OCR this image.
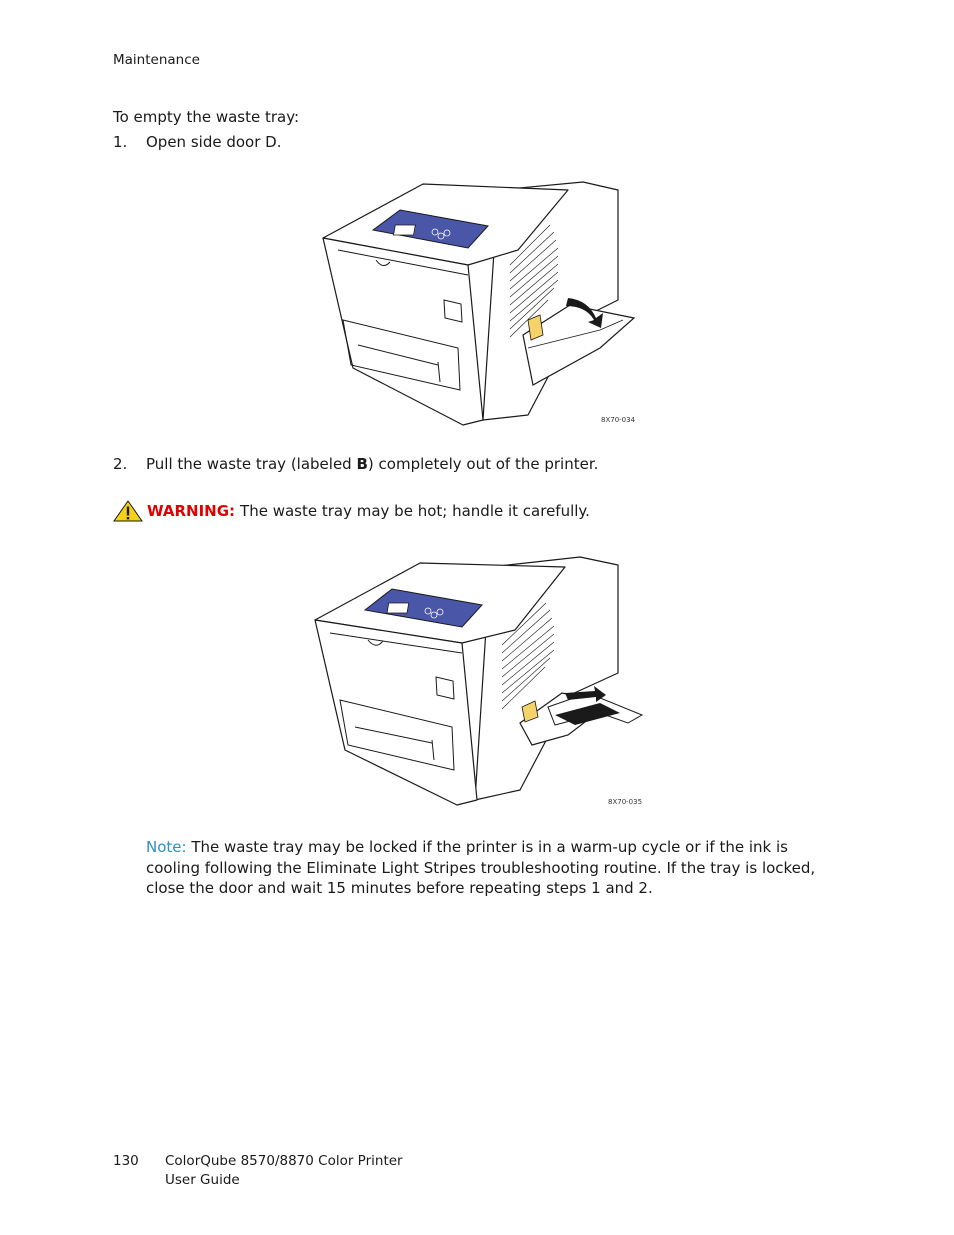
Maintenance
To empty the waste tray:
1. Open side door D.
8X70-034
2. Pull the waste tray (labeled B) completely out of the printer.
WARNING: The waste tray may be hot; handle it carefully.
8X70-035
Note: The waste tray may be locked if the printer is in a warm-up cycle or if the ink is cooling following the Eliminate Light Stripes troubleshooting routine. If the tray is locked, close the door and wait 15 minutes before repeating steps 1 and 2.
130 ColorQube 8570/8870 Color Printer
User Guide
